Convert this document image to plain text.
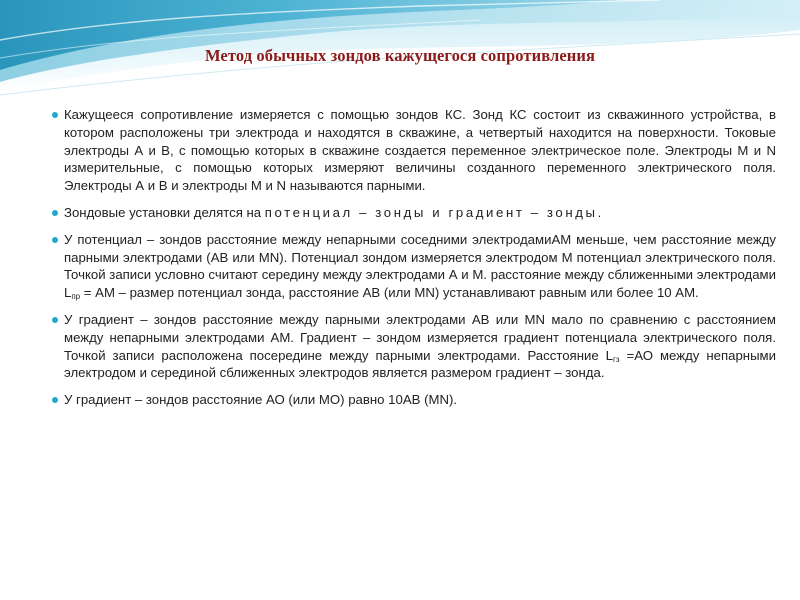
Метод обычных зондов кажущегося сопротивления
Кажущееся сопротивление измеряется с помощью зондов КС. Зонд КС состоит из скважинного устройства, в котором расположены три электрода и находятся в скважине, а четвертый находится на поверхности. Токовые электроды А и В, с помощью которых в скважине создается переменное электрическое поле. Электроды M и N измерительные, с помощью которых измеряют величины созданного переменного электрического поля. Электроды А и В и электроды M и N называются парными.
Зондовые установки делятся на потенциал – зонды и градиент – зонды.
У потенциал – зондов расстояние между непарными соседними электродамиАМ меньше, чем расстояние между парными электродами (АВ или MN). Потенциал зондом измеряется электродом M потенциал электрического поля. Точкой записи условно считают середину между электродами А и М. расстояние между сближенными электродами $L_{пр}$ = АМ – размер потенциал зонда, расстояние АВ (или MN) устанавливают равным или более 10 АМ.
У градиент – зондов расстояние между парными электродами АВ или MN мало по сравнению с расстоянием между непарными электродами АМ. Градиент – зондом измеряется градиент потенциала электрического поля. Точкой записи расположена посередине между парными электродами. Расстояние $L_{гз} =АО$ между непарными электродом и серединой сближенных электродов является размером градиент – зонда.
У градиент – зондов расстояние АО (или МО) равно 10АВ (MN).
